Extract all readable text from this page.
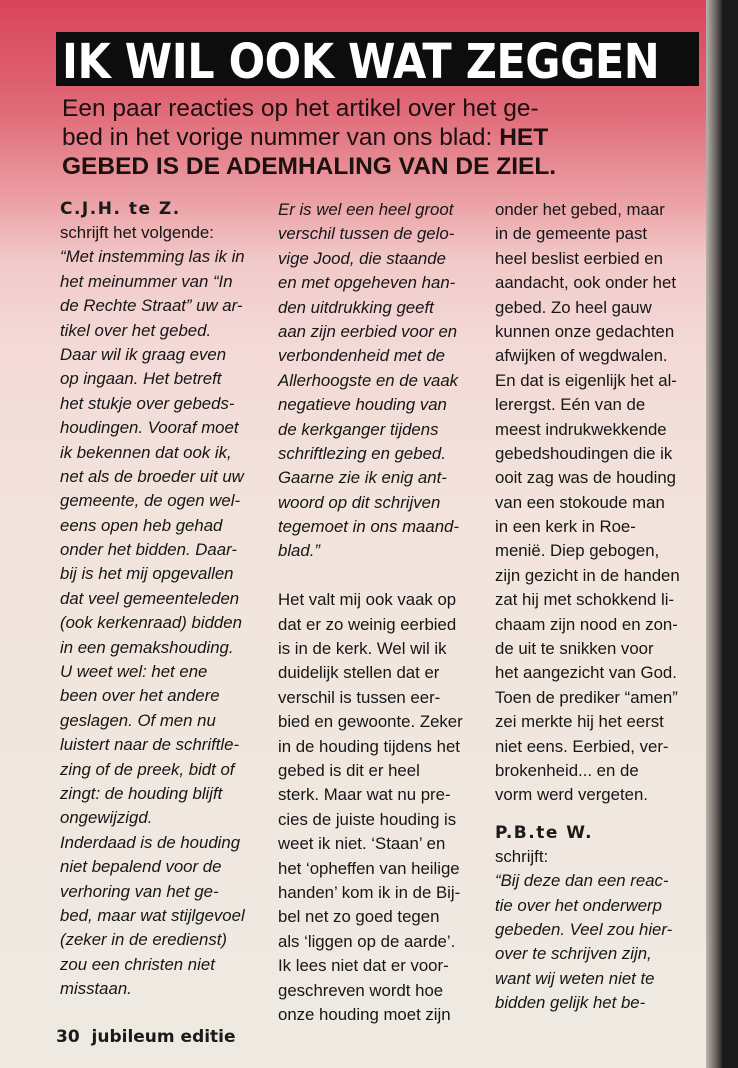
IK WIL OOK WAT ZEGGEN

Een paar reacties op het artikel over het ge-
bed in het vorige nummer van ons blad: HET
GEBED IS DE ADEMHALING VAN DE ZIEL.

C.J.H. te Z.
schrijft het volgende:
“Met instemming las ik in
het meinummer van “In
de Rechte Straat” uw ar-
tikel over het gebed.
Daar wil ik graag even
op ingaan. Het betreft
het stukje over gebeds-
houdingen. Vooraf moet
ik bekennen dat ook ik,
net als de broeder uit uw
gemeente, de ogen wel-
eens open heb gehad
onder het bidden. Daar-
bij is het mij opgevallen
dat veel gemeenteleden
(ook kerkenraad) bidden
in een gemakshouding.
U weet wel: het ene
been over het andere
geslagen. Of men nu
luistert naar de schriftle-
zing of de preek, bidt of
zingt: de houding blijft
ongewijzigd.
Inderdaad is de houding
niet bepalend voor de
verhoring van het ge-
bed, maar wat stijlgevoel
(zeker in de eredienst)
zou een christen niet
misstaan.
Er is wel een heel groot
verschil tussen de gelo-
vige Jood, die staande
en met opgeheven han-
den uitdrukking geeft
aan zijn eerbied voor en
verbondenheid met de
Allerhoogste en de vaak
negatieve houding van
de kerkganger tijdens
schriftlezing en gebed.
Gaarne zie ik enig ant-
woord op dit schrijven
tegemoet in ons maand-
blad.”
Het valt mij ook vaak op
dat er zo weinig eerbied
is in de kerk. Wel wil ik
duidelijk stellen dat er
verschil is tussen eer-
bied en gewoonte. Zeker
in de houding tijdens het
gebed is dit er heel
sterk. Maar wat nu pre-
cies de juiste houding is
weet ik niet. ‘Staan’ en
het ‘opheffen van heilige
handen’ kom ik in de Bij-
bel net zo goed tegen
als ‘liggen op de aarde’.
Ik lees niet dat er voor-
geschreven wordt hoe
onze houding moet zijn
onder het gebed, maar
in de gemeente past
heel beslist eerbied en
aandacht, ook onder het
gebed. Zo heel gauw
kunnen onze gedachten
afwijken of wegdwalen.
En dat is eigenlijk het al-
lerergst. Eén van de
meest indrukwekkende
gebedshoudingen die ik
ooit zag was de houding
van een stokoude man
in een kerk in Roe-
menië. Diep gebogen,
zijn gezicht in de handen
zat hij met schokkend li-
chaam zijn nood en zon-
de uit te snikken voor
het aangezicht van God.
Toen de prediker “amen”
zei merkte hij het eerst
niet eens. Eerbied, ver-
brokenheid... en de
vorm werd vergeten.
P.B.te W.
schrijft:
“Bij deze dan een reac-
tie over het onderwerp
gebeden. Veel zou hier-
over te schrijven zijn,
want wij weten niet te
bidden gelijk het be-
30 jubileum editie
